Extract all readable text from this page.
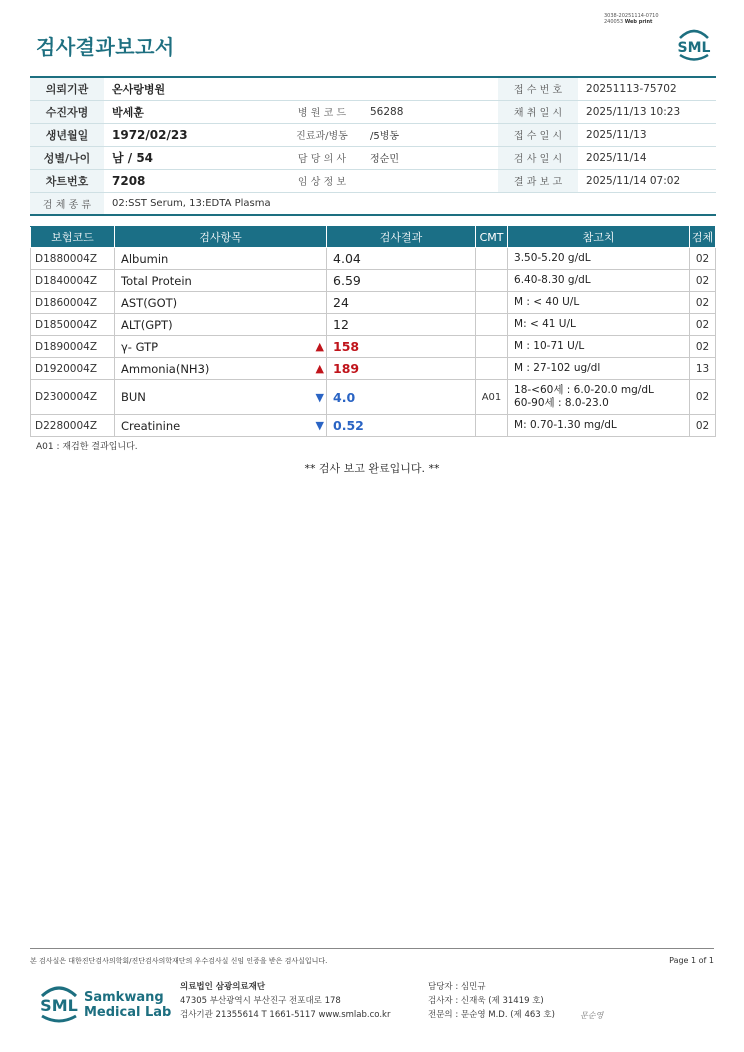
3038-20251114-0710
240053 Web print
검사결과보고서	SML
의뢰기관	온사랑병원			접 수 번 호	20251113-75702
수진자명	박세훈	병 원 코 드	56288	채 취 일 시	2025/11/13 10:23
생년월일	1972/02/23	진료과/병동	/5병동	접 수 일 시	2025/11/13
성별/나이	남 / 54	담 당 의 사	정순민	검 사 일 시	2025/11/14
차트번호	7208	임 상 정 보		결 과 보 고	2025/11/14 07:02
검 체 종 류	02:SST Serum, 13:EDTA Plasma				
보험코드	검사항목		검사결과	CMT	참고치	검체
D1880004Z	Albumin		4.04		3.50-5.20 g/dL	02
D1840004Z	Total Protein		6.59		6.40-8.30 g/dL	02
D1860004Z	AST(GOT)		24		M : < 40 U/L	02
D1850004Z	ALT(GPT)		12		M: < 41 U/L	02
D1890004Z	γ- GTP	▲	158		M : 10-71 U/L	02
D1920004Z	Ammonia(NH3)	▲	189		M : 27-102 ug/dl	13
D2300004Z	BUN	▼	4.0	A01	18-<60세 : 6.0-20.0 mg/dL
60-90세 : 8.0-23.0	02
D2280004Z	Creatinine	▼	0.52		M: 0.70-1.30 mg/dL	02
A01 : 재검한 결과입니다.
** 검사 보고 완료입니다. **
본 검사실은 대한진단검사의학회/진단검사의학재단의 우수검사실 신임 인증을 받은 검사실입니다.	Page 1 of 1
SML Samkwang
Medical Lab
의료법인 삼광의료재단
47305 부산광역시 부산진구 전포대로 178
검사기관 21355614 T 1661-5117 www.smlab.co.kr
담당자 : 심민규
검사자 : 신재욱 (제 31419 호)
전문의 : 문순영 M.D. (제 463 호)	문순영
